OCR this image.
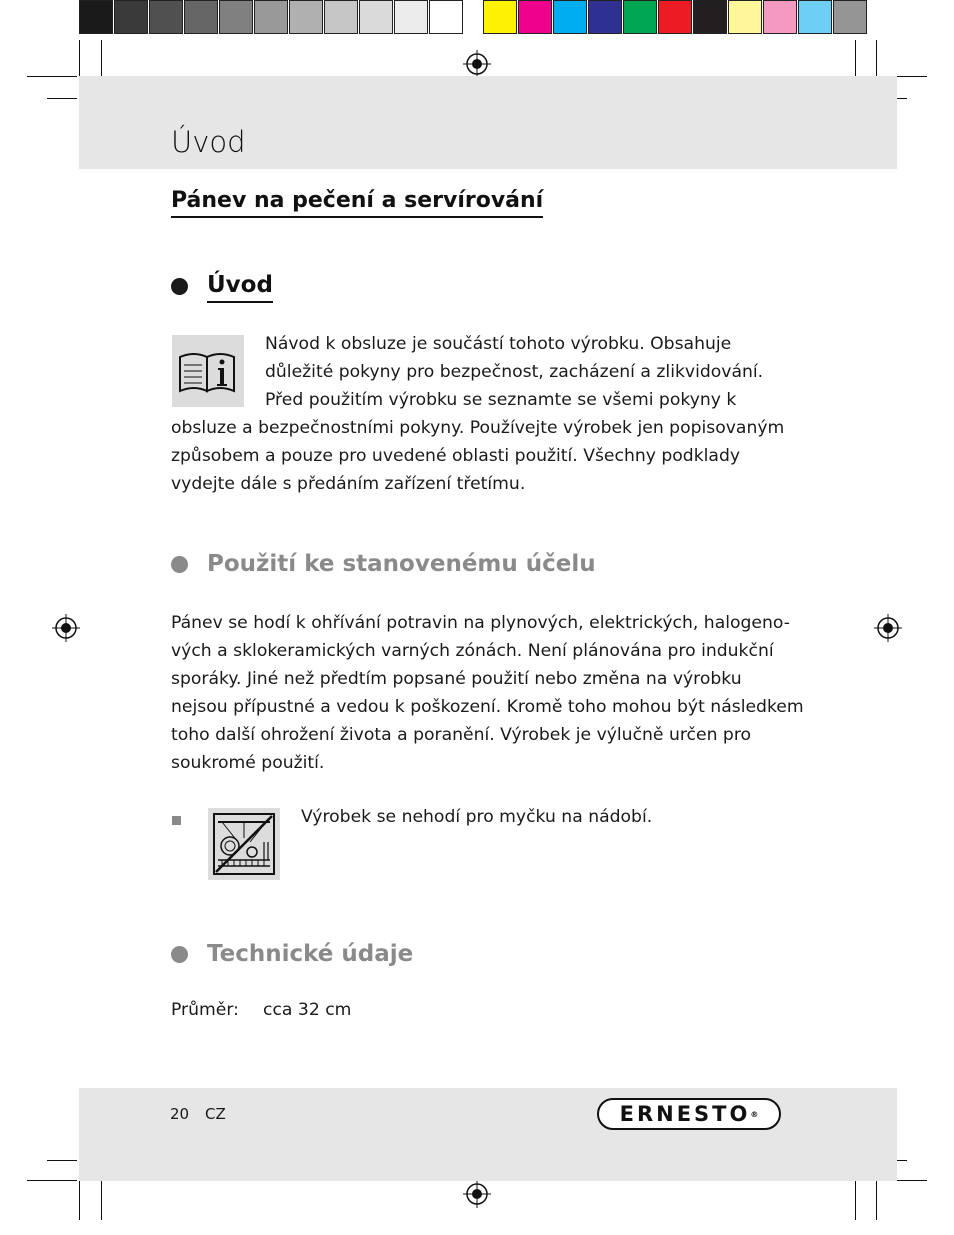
Úvod
Pánev na pečení a servírování
Úvod
Návod k obsluze je součástí tohoto výrobku. Obsahuje
důležité pokyny pro bezpečnost, zacházení a zlikvidování.
Před použitím výrobku se seznamte se všemi pokyny k
obsluze a bezpečnostními pokyny. Používejte výrobek jen popisovaným
způsobem a pouze pro uvedené oblasti použití. Všechny podklady
vydejte dále s předáním zařízení třetímu.
Použití ke stanovenému účelu
Pánev se hodí k ohřívání potravin na plynových, elektrických, halogeno-
vých a sklokeramických varných zónách. Není plánována pro indukční
sporáky. Jiné než předtím popsané použití nebo změna na výrobku
nejsou přípustné a vedou k poškození. Kromě toho mohou být následkem
toho další ohrožení života a poranění. Výrobek je výlučně určen pro
soukromé použití.
Výrobek se nehodí pro myčku na nádobí.
Technické údaje
Průměr:	cca 32 cm
20 CZ	ERNESTO ®
